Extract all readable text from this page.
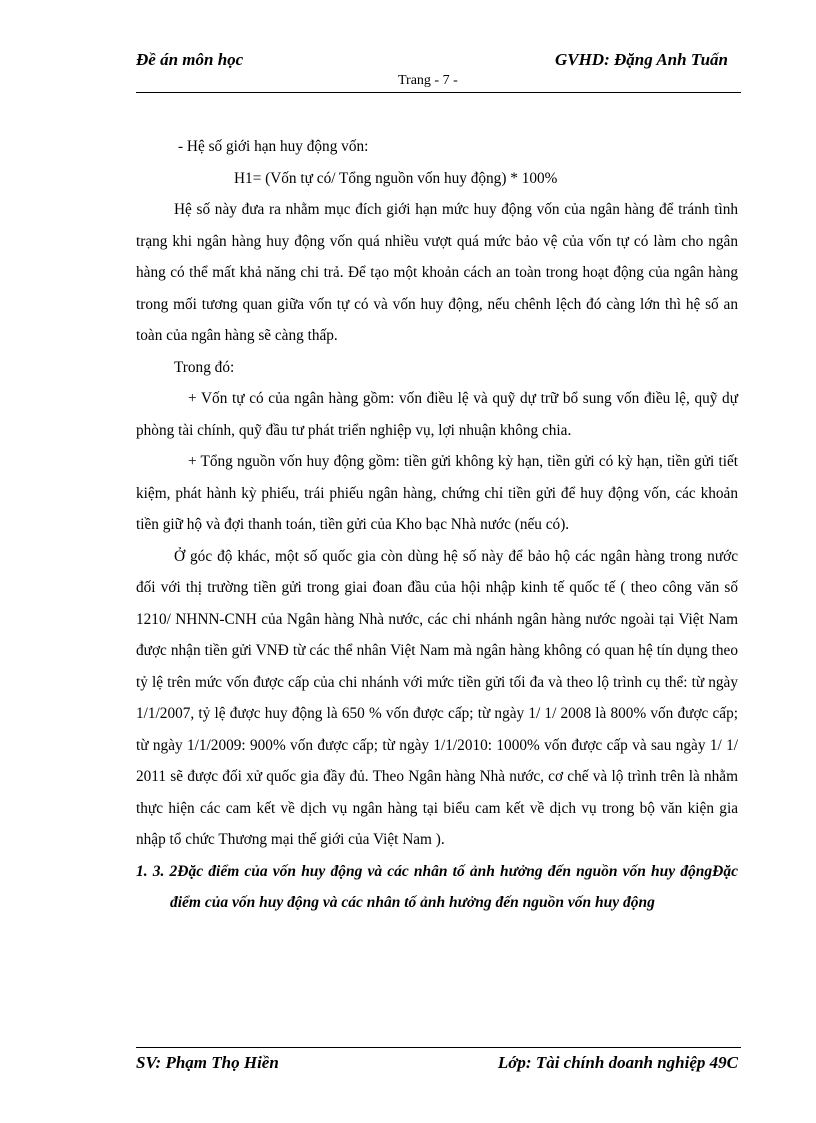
Đề án môn học	GVHD: Đặng Anh Tuấn
Trang - 7 -

- Hệ số giới hạn huy động vốn:

H1= (Vốn tự có/ Tổng nguồn vốn huy động) * 100%

Hệ số này đưa ra nhằm mục đích giới hạn mức huy động vốn của ngân hàng để tránh tình trạng khi ngân hàng huy động vốn quá nhiều vượt quá mức bảo vệ của vốn tự có làm cho ngân hàng có thể mất khả năng chi trả. Để tạo một khoản cách an toàn trong hoạt động của ngân hàng trong mối tương quan giữa vốn tự có và vốn huy động, nếu chênh lệch đó càng lớn thì hệ số an toàn của ngân hàng sẽ càng thấp.

Trong đó:

+ Vốn tự có của ngân hàng gồm: vốn điều lệ và quỹ dự trữ bổ sung vốn điều lệ, quỹ dự phòng tài chính, quỹ đầu tư phát triển nghiệp vụ, lợi nhuận không chia.

+ Tổng nguồn vốn huy động gồm: tiền gửi không kỳ hạn, tiền gửi có kỳ hạn, tiền gửi tiết kiệm, phát hành kỳ phiếu, trái phiếu ngân hàng, chứng chỉ tiền gửi để huy động vốn, các khoản tiền giữ hộ và đợi thanh toán, tiền gửi của Kho bạc Nhà nước (nếu có).

Ở góc độ khác, một số quốc gia còn dùng hệ số này để bảo hộ các ngân hàng trong nước đối với thị trường tiền gửi trong giai đoan đầu của hội nhập kinh tế quốc tế ( theo công văn số 1210/ NHNN-CNH của Ngân hàng Nhà nước, các chi nhánh ngân hàng nước ngoài tại Việt Nam được nhận tiền gửi VNĐ từ các thể nhân Việt Nam mà ngân hàng không có quan hệ tín dụng theo tỷ lệ trên mức vốn được cấp của chi nhánh với mức tiền gửi tối đa và theo lộ trình cụ thể: từ ngày 1/1/2007, tỷ lệ được huy động là 650 % vốn được cấp; từ ngày 1/ 1/ 2008 là 800% vốn được cấp; từ ngày 1/1/2009: 900% vốn được cấp; từ ngày 1/1/2010: 1000% vốn được cấp và sau ngày 1/ 1/ 2011 sẽ được đối xử quốc gia đầy đủ. Theo Ngân hàng Nhà nước, cơ chế và lộ trình trên là nhằm thực hiện các cam kết về dịch vụ ngân hàng tại biểu cam kết về dịch vụ trong bộ văn kiện gia nhập tổ chức Thương mại thế giới của Việt Nam ).

1. 3. 2Đặc điểm của vốn huy động và các nhân tố ảnh hưởng đến nguồn vốn huy độngĐặc điểm của vốn huy động và các nhân tố ảnh hưởng đến nguồn vốn huy động

SV: Phạm Thọ Hiền	Lớp: Tài chính doanh nghiệp 49C
